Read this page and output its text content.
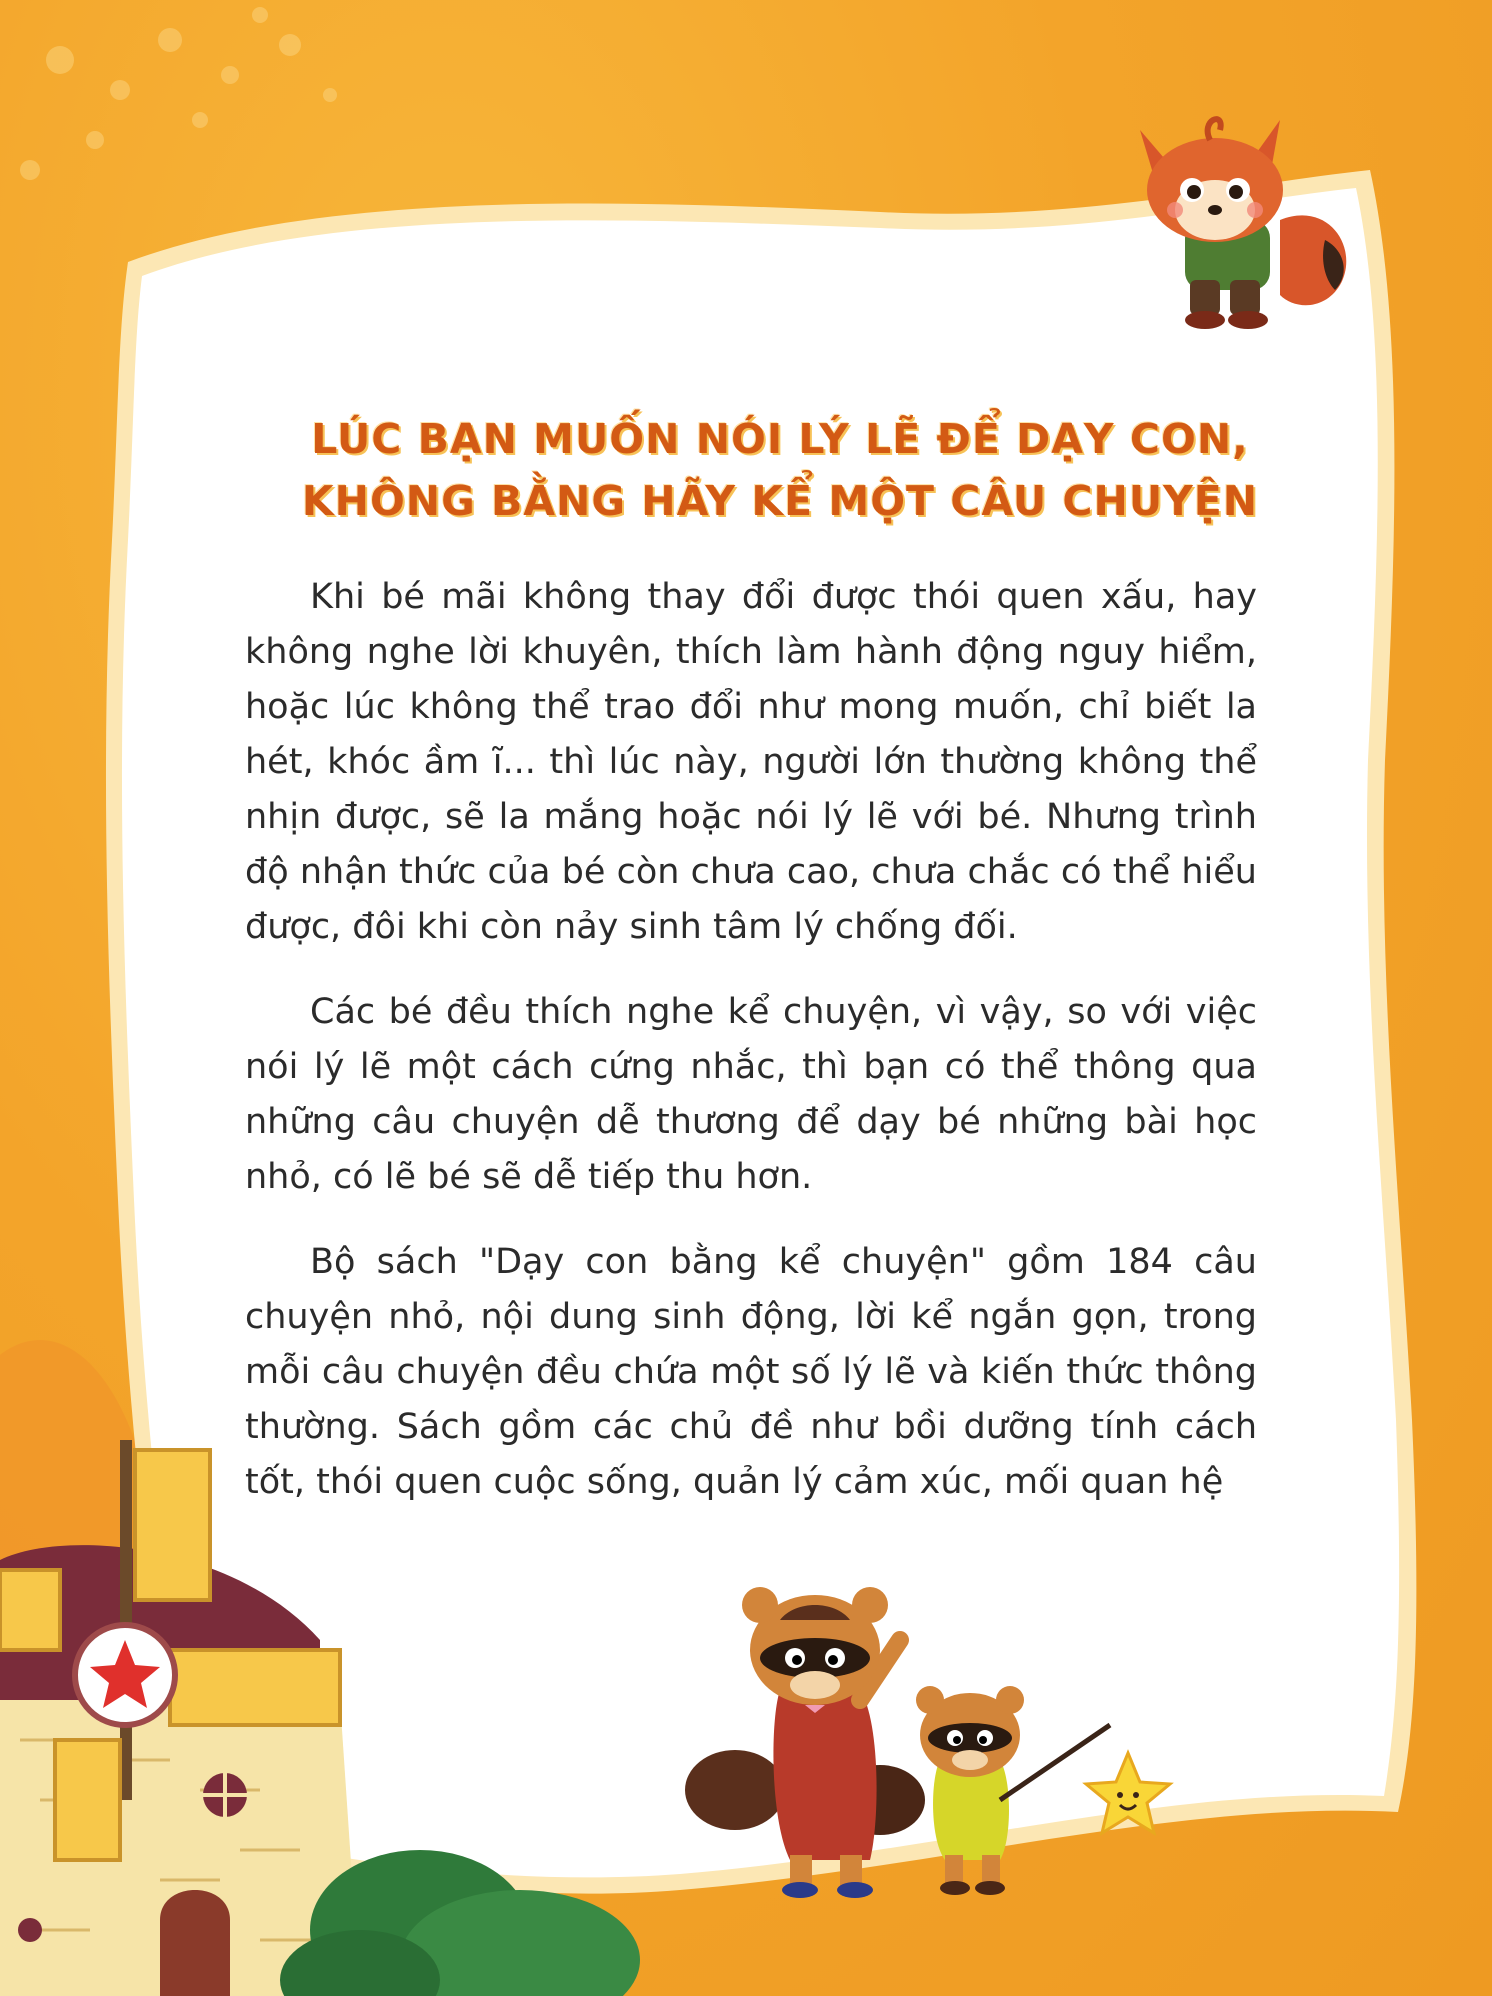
LÚC BẠN MUỐN NÓI LÝ LẼ ĐỂ DẠY CON,
KHÔNG BẰNG HÃY KỂ MỘT CÂU CHUYỆN

Khi bé mãi không thay đổi được thói quen xấu, hay không nghe lời khuyên, thích làm hành động nguy hiểm, hoặc lúc không thể trao đổi như mong muốn, chỉ biết la hét, khóc ầm ĩ... thì lúc này, người lớn thường không thể nhịn được, sẽ la mắng hoặc nói lý lẽ với bé. Nhưng trình độ nhận thức của bé còn chưa cao, chưa chắc có thể hiểu được, đôi khi còn nảy sinh tâm lý chống đối.

Các bé đều thích nghe kể chuyện, vì vậy, so với việc nói lý lẽ một cách cứng nhắc, thì bạn có thể thông qua những câu chuyện dễ thương để dạy bé những bài học nhỏ, có lẽ bé sẽ dễ tiếp thu hơn.

Bộ sách "Dạy con bằng kể chuyện" gồm 184 câu chuyện nhỏ, nội dung sinh động, lời kể ngắn gọn, trong mỗi câu chuyện đều chứa một số lý lẽ và kiến thức thông thường. Sách gồm các chủ đề như bồi dưỡng tính cách tốt, thói quen cuộc sống, quản lý cảm xúc, mối quan hệ
